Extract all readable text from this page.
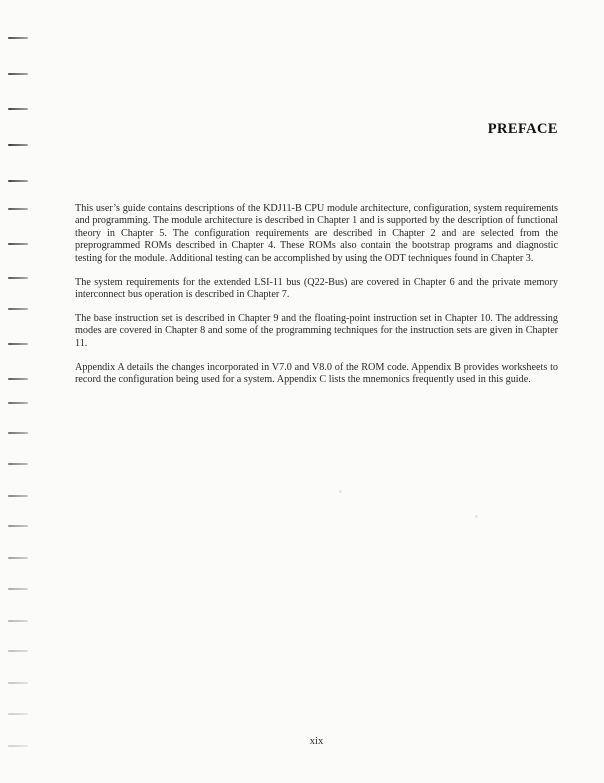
PREFACE

This user’s guide contains descriptions of the KDJ11-B CPU module architecture, configuration, system requirements and programming. The module architecture is described in Chapter 1 and is supported by the description of functional theory in Chapter 5. The configuration requirements are described in Chapter 2 and are selected from the preprogrammed ROMs described in Chapter 4. These ROMs also contain the bootstrap programs and diagnostic testing for the module. Additional testing can be accomplished by using the ODT techniques found in Chapter 3.

The system requirements for the extended LSI-11 bus (Q22-Bus) are covered in Chapter 6 and the private memory interconnect bus operation is described in Chapter 7.

The base instruction set is described in Chapter 9 and the floating-point instruction set in Chapter 10. The addressing modes are covered in Chapter 8 and some of the programming techniques for the instruction sets are given in Chapter 11.

Appendix A details the changes incorporated in V7.0 and V8.0 of the ROM code. Appendix B provides worksheets to record the configuration being used for a system. Appendix C lists the mnemonics frequently used in this guide.

xix
